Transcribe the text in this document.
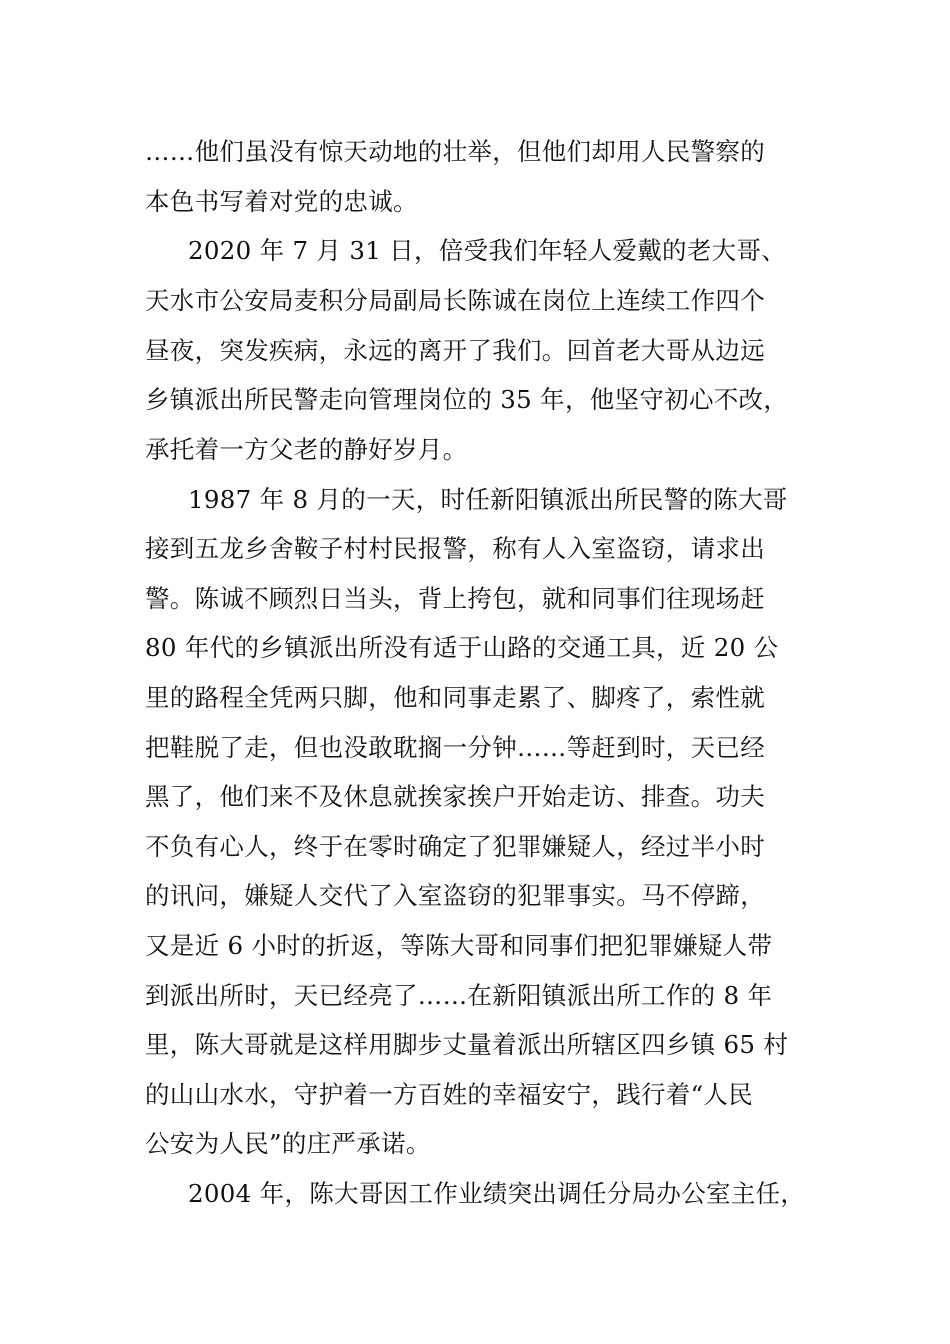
……他们虽没有惊天动地的壮举，但他们却用人民警察的
本色书写着对党的忠诚。
2020 年 7 月 31 日，倍受我们年轻人爱戴的老大哥、
天水市公安局麦积分局副局长陈诚在岗位上连续工作四个
昼夜，突发疾病，永远的离开了我们。回首老大哥从边远
乡镇派出所民警走向管理岗位的 35 年，他坚守初心不改，
承托着一方父老的静好岁月。
1987 年 8 月的一天，时任新阳镇派出所民警的陈大哥
接到五龙乡舍鞍子村村民报警，称有人入室盗窃，请求出
警。陈诚不顾烈日当头，背上挎包，就和同事们往现场赶
80 年代的乡镇派出所没有适于山路的交通工具，近 20 公
里的路程全凭两只脚，他和同事走累了、脚疼了，索性就
把鞋脱了走，但也没敢耽搁一分钟……等赶到时，天已经
黑了，他们来不及休息就挨家挨户开始走访、排查。功夫
不负有心人，终于在零时确定了犯罪嫌疑人，经过半小时
的讯问，嫌疑人交代了入室盗窃的犯罪事实。马不停蹄，
又是近 6 小时的折返，等陈大哥和同事们把犯罪嫌疑人带
到派出所时，天已经亮了……在新阳镇派出所工作的 8 年
里，陈大哥就是这样用脚步丈量着派出所辖区四乡镇 65 村
的山山水水，守护着一方百姓的幸福安宁，践行着“人民
公安为人民”的庄严承诺。
2004 年，陈大哥因工作业绩突出调任分局办公室主任，
